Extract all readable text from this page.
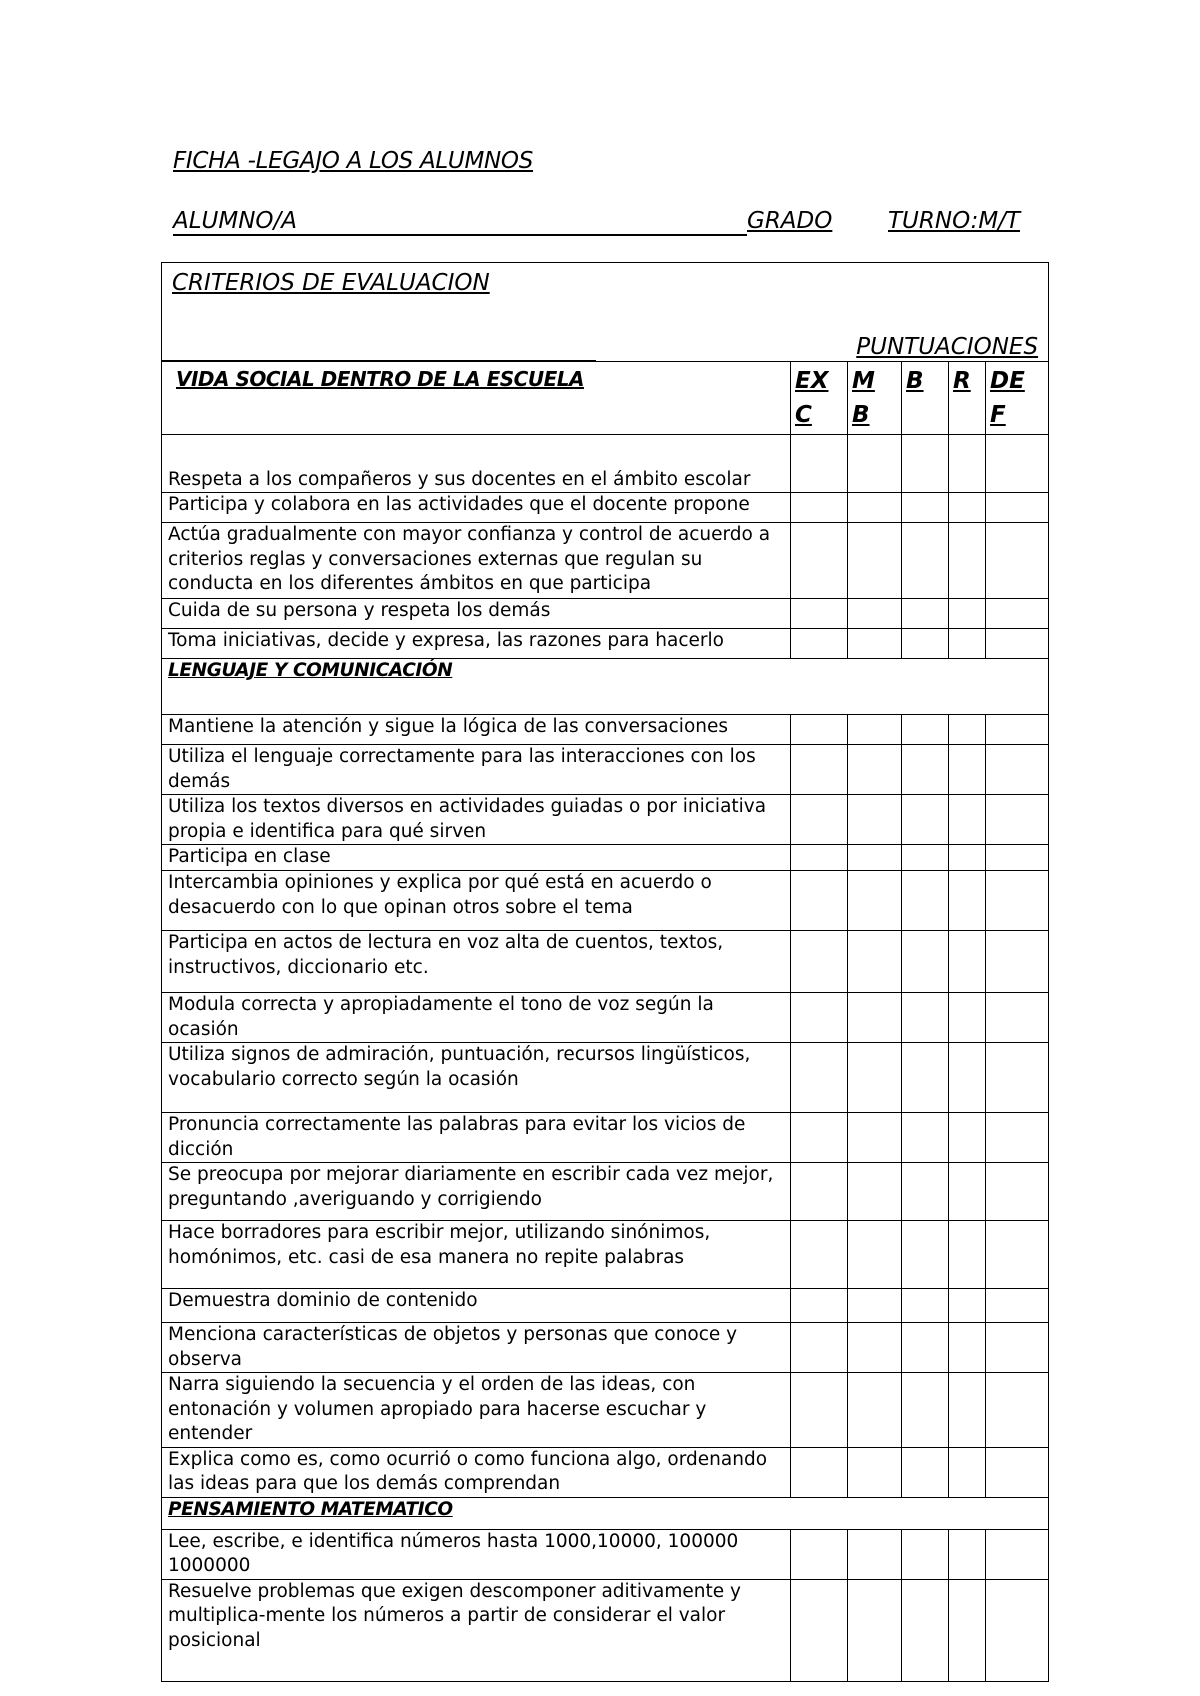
FICHA -LEGAJO A LOS ALUMNOS
ALUMNO/A	GRADO TURNO:M/T
CRITERIOS DE EVALUACION
PUNTUACIONES					

VIDA SOCIAL DENTRO DE LA ESCUELA	EX C	M B	B	R	DE F
Respeta a los compañeros y sus docentes en el ámbito escolar					
Participa y colabora en las actividades que el docente propone					
Actúa gradualmente con mayor confianza y control de acuerdo a criterios reglas y conversaciones externas que regulan su conducta en los diferentes ámbitos en que participa					
Cuida de su persona y respeta los demás					
Toma iniciativas, decide y expresa, las razones para hacerlo					
LENGUAJE Y COMUNICACIÓN					
Mantiene la atención y sigue la lógica de las conversaciones					
Utiliza el lenguaje correctamente para las interacciones con los demás					
Utiliza los textos diversos en actividades guiadas o por iniciativa propia e identifica para qué sirven					
Participa en clase					
Intercambia opiniones y explica por qué está en acuerdo o desacuerdo con lo que opinan otros sobre el tema					
Participa en actos de lectura en voz alta de cuentos, textos, instructivos, diccionario etc.					
Modula correcta y apropiadamente el tono de voz según la ocasión					
Utiliza signos de admiración, puntuación, recursos lingüísticos, vocabulario correcto según la ocasión					
Pronuncia correctamente las palabras para evitar los vicios de dicción					
Se preocupa por mejorar diariamente en escribir cada vez mejor, preguntando ,averiguando y corrigiendo					
Hace borradores para escribir mejor, utilizando sinónimos, homónimos, etc. casi de esa manera no repite palabras					
Demuestra dominio de contenido					
Menciona características de objetos y personas que conoce y observa					
Narra siguiendo la secuencia y el orden de las ideas, con entonación y volumen apropiado para hacerse escuchar y entender					
Explica como es, como ocurrió o como funciona algo, ordenando las ideas para que los demás comprendan					
PENSAMIENTO MATEMATICO					
Lee, escribe, e identifica números hasta 1000,10000, 100000 1000000					
Resuelve problemas que exigen descomponer aditivamente y multiplica-mente los números a partir de considerar el valor posicional					
